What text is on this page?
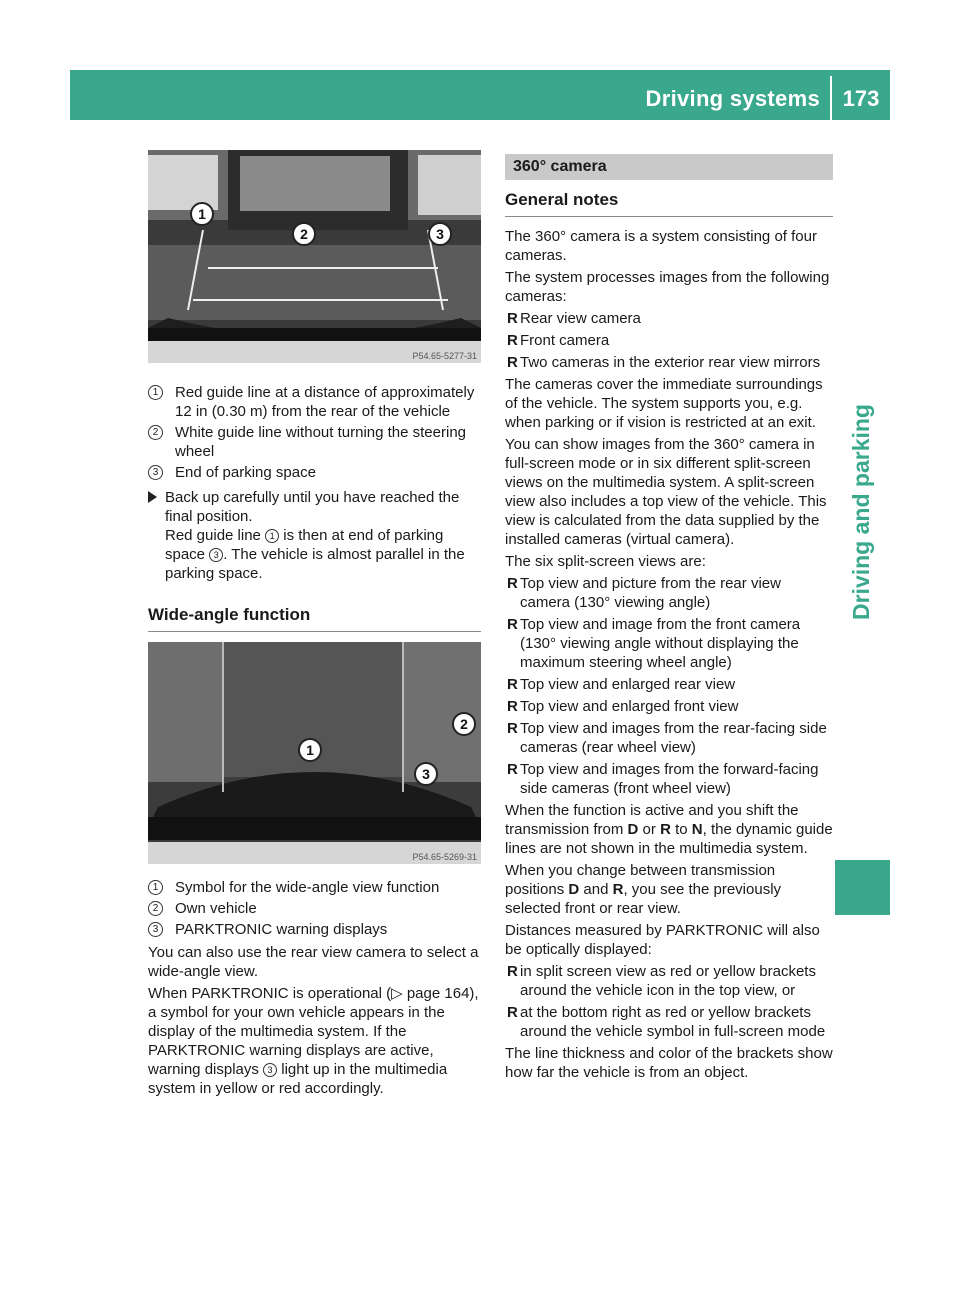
Driving systems 173
Driving and parking
P54.65-5277-31
1
2	3
1	Red guide line at a distance of approximately 12 in (0.30 m) from the rear of the vehicle
2	White guide line without turning the steering wheel
3	End of parking space
Back up carefully until you have reached the final position.
Red guide line 1 is then at end of parking space 3 . The vehicle is almost parallel in the parking space.
Wide-angle function
P54.65-5269-31
1
2
3
1	Symbol for the wide-angle view function
2	Own vehicle
3	PARKTRONIC warning displays

You can also use the rear view camera to select a wide-angle view.

When PARKTRONIC is operational (▷ page 164), a symbol for your own vehicle appears in the display of the multimedia system. If the PARKTRONIC warning displays are active, warning displays 3 light up in the multimedia system in yellow or red accordingly.

360° camera
General notes

The 360° camera is a system consisting of four cameras.

The system processes images from the following cameras:

R Rear view camera
R Front camera
R Two cameras in the exterior rear view mirrors

The cameras cover the immediate surroundings of the vehicle. The system supports you, e.g. when parking or if vision is restricted at an exit.

You can show images from the 360° camera in full-screen mode or in six different split-screen views on the multimedia system. A split-screen view also includes a top view of the vehicle. This view is calculated from the data supplied by the installed cameras (virtual camera).

The six split-screen views are:

R Top view and picture from the rear view camera (130° viewing angle)
R Top view and image from the front camera (130° viewing angle without displaying the maximum steering wheel angle)
R Top view and enlarged rear view
R Top view and enlarged front view
R Top view and images from the rear-facing side cameras (rear wheel view)
R Top view and images from the forward-facing side cameras (front wheel view)

When the function is active and you shift the transmission from D or R to N, the dynamic guide lines are not shown in the multimedia system.

When you change between transmission positions D and R, you see the previously selected front or rear view.

Distances measured by PARKTRONIC will also be optically displayed:

R in split screen view as red or yellow brackets around the vehicle icon in the top view, or
R at the bottom right as red or yellow brackets around the vehicle symbol in full-screen mode

The line thickness and color of the brackets show how far the vehicle is from an object.
